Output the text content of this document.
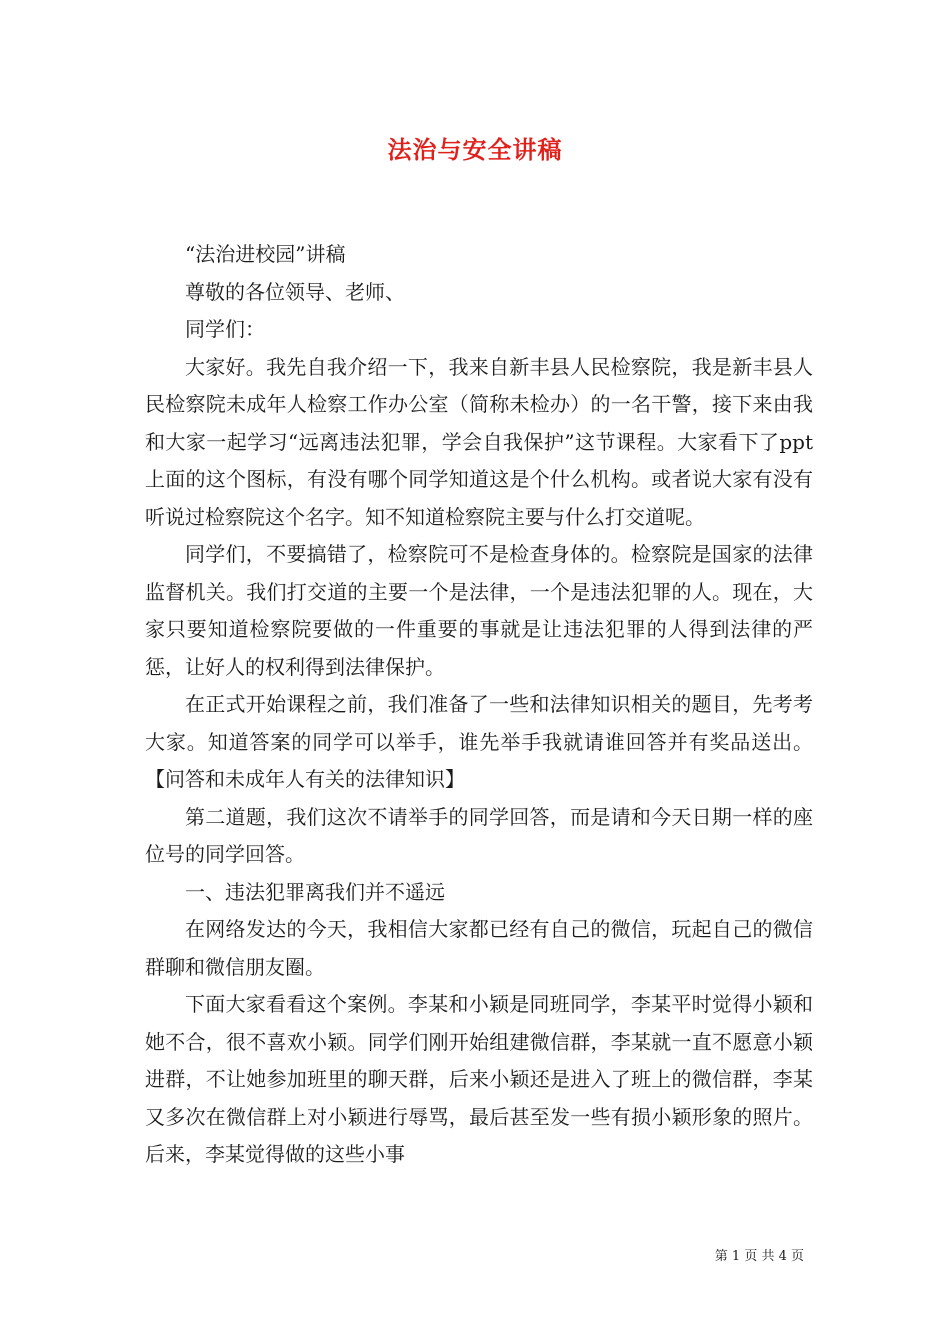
法治与安全讲稿

“法治进校园”讲稿

尊敬的各位领导、老师、

同学们：

大家好。我先自我介绍一下，我来自新丰县人民检察院，我是新丰县人民检察院未成年人检察工作办公室（简称未检办）的一名干警，接下来由我和大家一起学习“远离违法犯罪，学会自我保护”这节课程。大家看下了ppt上面的这个图标，有没有哪个同学知道这是个什么机构。或者说大家有没有听说过检察院这个名字。知不知道检察院主要与什么打交道呢。

同学们，不要搞错了，检察院可不是检查身体的。检察院是国家的法律监督机关。我们打交道的主要一个是法律，一个是违法犯罪的人。现在，大家只要知道检察院要做的一件重要的事就是让违法犯罪的人得到法律的严惩，让好人的权利得到法律保护。

在正式开始课程之前，我们准备了一些和法律知识相关的题目，先考考大家。知道答案的同学可以举手，谁先举手我就请谁回答并有奖品送出。【问答和未成年人有关的法律知识】

第二道题，我们这次不请举手的同学回答，而是请和今天日期一样的座位号的同学回答。

一、违法犯罪离我们并不遥远

在网络发达的今天，我相信大家都已经有自己的微信，玩起自己的微信群聊和微信朋友圈。

下面大家看看这个案例。李某和小颖是同班同学，李某平时觉得小颖和她不合，很不喜欢小颖。同学们刚开始组建微信群，李某就一直不愿意小颖进群，不让她参加班里的聊天群，后来小颖还是进入了班上的微信群，李某又多次在微信群上对小颖进行辱骂，最后甚至发一些有损小颖形象的照片。后来，李某觉得做的这些小事

第 1 页 共 4 页
